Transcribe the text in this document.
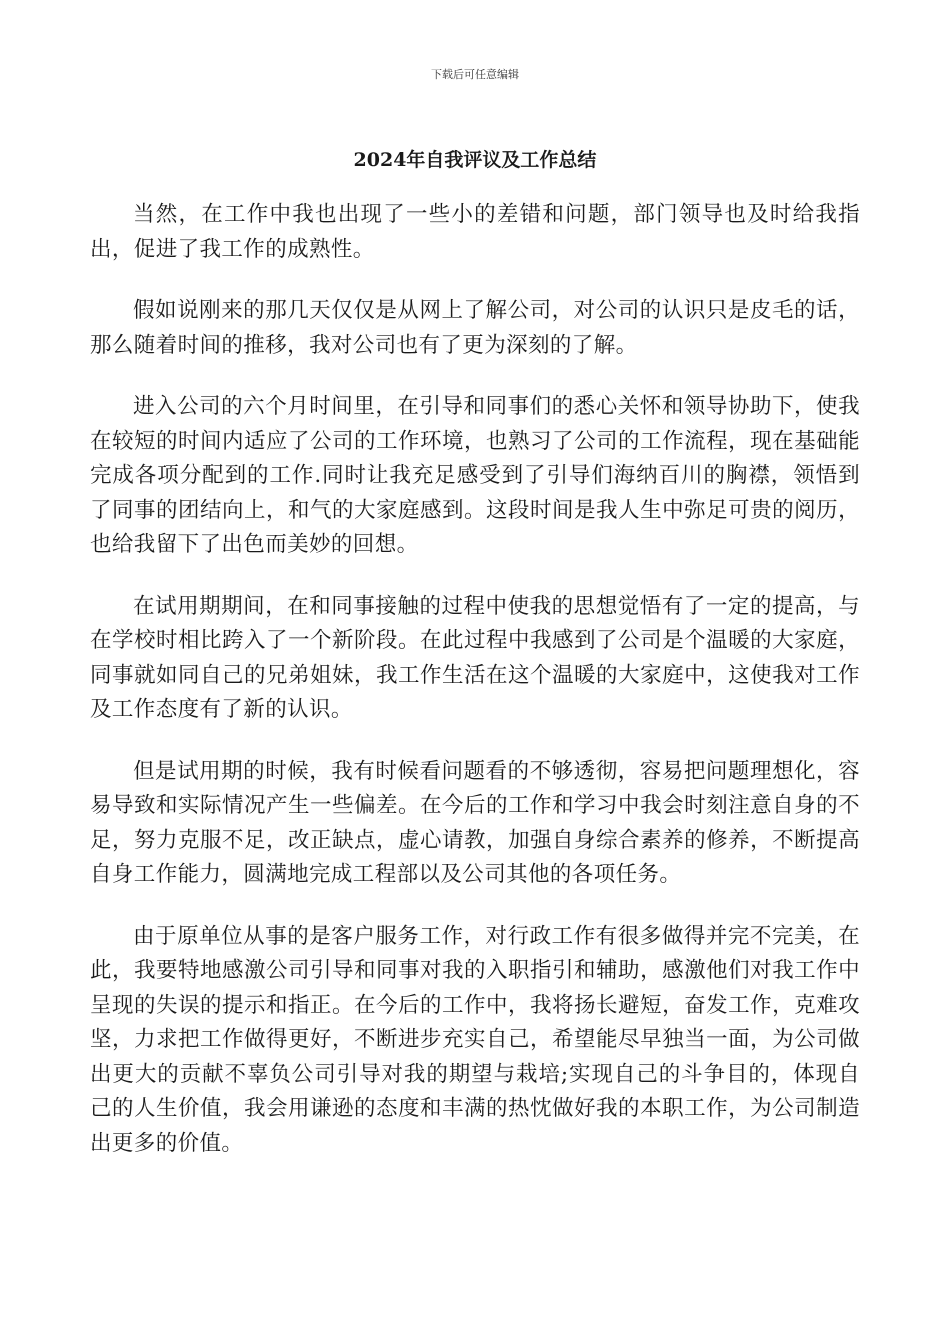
下载后可任意编辑
2024年自我评议及工作总结

当然，在工作中我也出现了一些小的差错和问题，部门领导也及时给我指出，促进了我工作的成熟性。

假如说刚来的那几天仅仅是从网上了解公司，对公司的认识只是皮毛的话，那么随着时间的推移，我对公司也有了更为深刻的了解。

进入公司的六个月时间里，在引导和同事们的悉心关怀和领导协助下，使我在较短的时间内适应了公司的工作环境，也熟习了公司的工作流程，现在基础能完成各项分配到的工作.同时让我充足感受到了引导们海纳百川的胸襟，领悟到了同事的团结向上，和气的大家庭感到。这段时间是我人生中弥足可贵的阅历，也给我留下了出色而美妙的回想。

在试用期期间，在和同事接触的过程中使我的思想觉悟有了一定的提高，与在学校时相比跨入了一个新阶段。在此过程中我感到了公司是个温暖的大家庭，同事就如同自己的兄弟姐妹，我工作生活在这个温暖的大家庭中，这使我对工作及工作态度有了新的认识。

但是试用期的时候，我有时候看问题看的不够透彻，容易把问题理想化，容易导致和实际情况产生一些偏差。在今后的工作和学习中我会时刻注意自身的不足，努力克服不足，改正缺点，虚心请教，加强自身综合素养的修养，不断提高自身工作能力，圆满地完成工程部以及公司其他的各项任务。

由于原单位从事的是客户服务工作，对行政工作有很多做得并完不完美，在此，我要特地感激公司引导和同事对我的入职指引和辅助，感激他们对我工作中呈现的失误的提示和指正。在今后的工作中，我将扬长避短，奋发工作，克难攻坚，力求把工作做得更好，不断进步充实自己，希望能尽早独当一面，为公司做出更大的贡献不辜负公司引导对我的期望与栽培;实现自己的斗争目的，体现自己的人生价值，我会用谦逊的态度和丰满的热忱做好我的本职工作，为公司制造出更多的价值。
